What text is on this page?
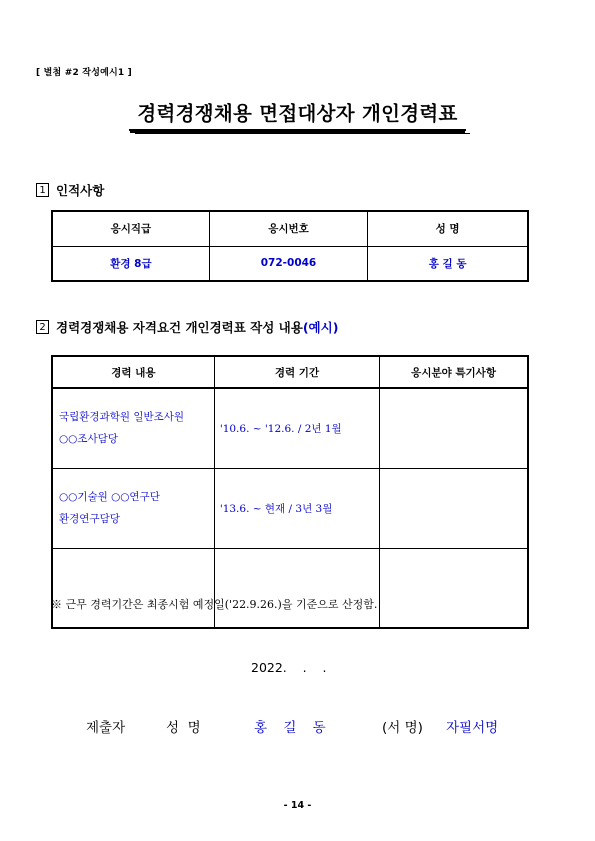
[ 별첨 #2 작성예시1 ]
경력경쟁채용 면접대상자 개인경력표
1 인적사항
응시직급	응시번호	성 명
환경 8급	072-0046	홍 길 동
2 경력경쟁채용 자격요건 개인경력표 작성 내용 (예시)
경력 내용	경력 기간	응시분야 특기사항

국립환경과학원 일반조사원
○○조사담당	'10.6. ~ '12.6. / 2년 1월	

○○기술원 ○○연구단
환경연구담당	'13.6. ~ 현재 / 3년 3월	

※ 근무 경력기간은 최종시험 예정일('22.9.26.)을 기준으로 산정함.
2022.    .    .
제출자	성  명	홍 길 동	(서 명) 자필서명
- 14 -
